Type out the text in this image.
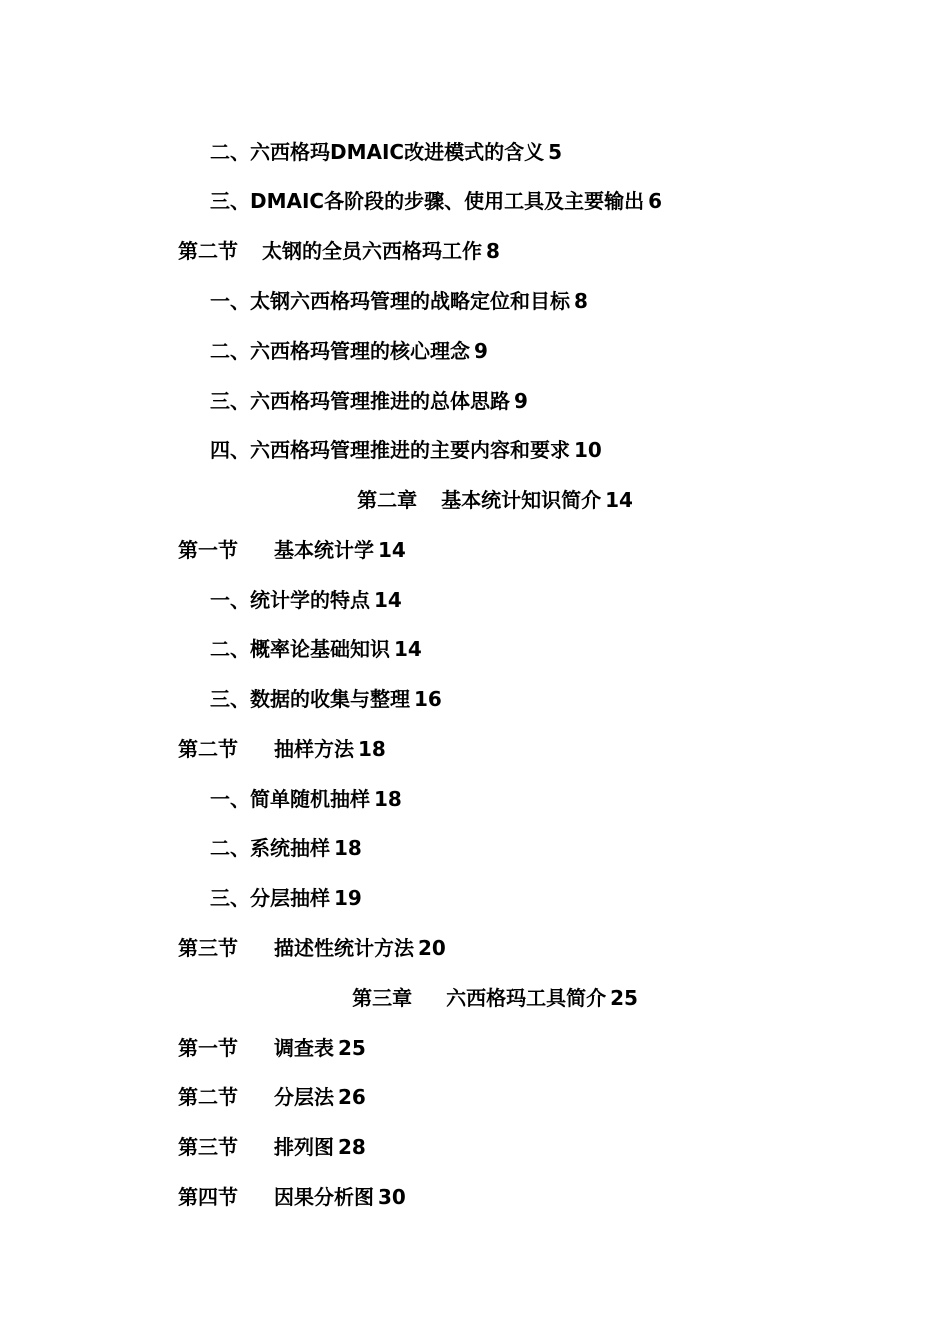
二、六西格玛DMAIC改进模式的含义 5
三、DMAIC各阶段的步骤、使用工具及主要输出 6
第二节 太钢的全员六西格玛工作 8
一、太钢六西格玛管理的战略定位和目标 8
二、六西格玛管理的核心理念 9
三、六西格玛管理推进的总体思路 9
四、六西格玛管理推进的主要内容和要求 10
第二章 基本统计知识简介 14
第一节 基本统计学 14
一、统计学的特点 14
二、概率论基础知识 14
三、数据的收集与整理 16
第二节 抽样方法 18
一、简单随机抽样 18
二、系统抽样 18
三、分层抽样 19
第三节 描述性统计方法 20
第三章 六西格玛工具简介 25
第一节 调查表 25
第二节 分层法 26
第三节 排列图 28
第四节 因果分析图 30
